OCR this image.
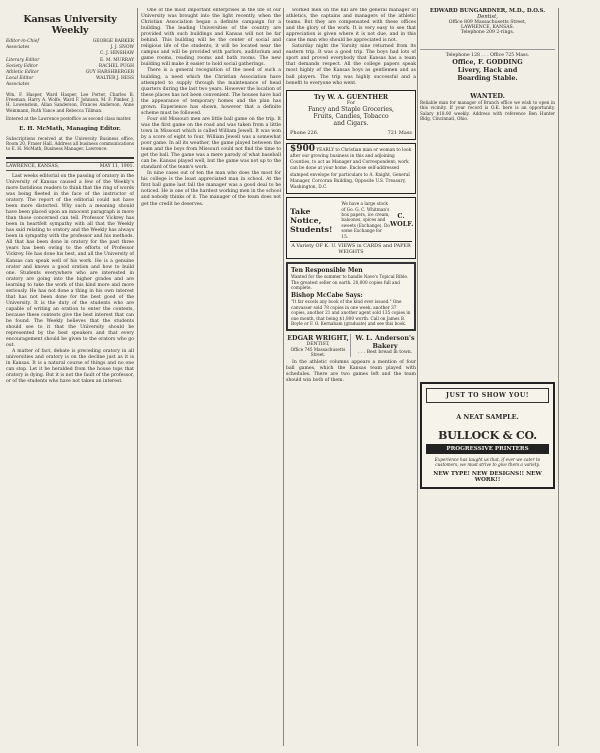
Kansas University Weekly
Editor-in-Chief	GEORGE BARKER
Associates	J. J. SNOW
C. J. HINSHAW
Literary Editor	E. M. MURRAY
Society Editor	RACHEL PUGH
Athletic Editor	GUY HARSHBERGER
Local Editor	WALTER J. HESS
Associates
Wm. F. Hasper, Ward Hasper, Lee Porter, Charles B. Freeman, Harry A. Wolfe, Ward F. Johnson, M. F. Pimber, J. H. Lowenstein, Allan Sanderson, Frances Anderson, Anne Weinmann, Ruth Vance and Rebecca Tillman.
Entered at the Lawrence postoffice as second class matter.
E. H. McMath, Managing Editor.
Subscriptions received at the University Business office, Room 20, Fraser Hall. Address all business communications to E. H. McMath, Business Manager, Lawrence.
LAWRENCE, KANSAS,	MAY 11, 1901.

Last weeks editorial on the passing of oratory in the University of Kansas caused a few of the Weekly's more fastidious readers to think that the ring of words was being fleeted in the face of the instructor of oratory. The report of the editorial could not have been more distorted. Why such a meaning should have been placed upon an innocent paragraph is more than those concerned can tell. Professor Vickrey has been in heartfelt sympathy with all that the Weekly has said relating to oratory and the Weekly has always been in sympathy with the professor and his methods. All that has been done in oratory for the past three years has been owing to the efforts of Professor Vickrey. He has done his best, and all the University of Kansas can speak well of his work. He is a genuine orator and knows a good oration and how to build one. Students everywhere who are interested in oratory are going into the higher grades and are learning to take the work of this kind more and more seriously. He has not done a thing in his own interest that has not been done for the best good of the University. It is the duty of the students who are capable of writing an oration to enter the contests, because these contests give the best interest that can be found. The Weekly believes that the students should see to it that the University should be represented by the best speakers and that every encouragement should be given to the orators who go out.

A matter of fact, debate is preceding oratory in all universities and oratory is on the decline just as it is in Kansas. It is a natural course of things and no one can stop. Let it be heralded from the house tops that oratory is dying. But it is not the fault of the professor, or of the students who have not taken an interest.

One of the most important enterprises in the life of our University was brought into the light recently, when the Christian Association began a definite campaign for a building. The leading Universities of the country are provided with such buildings and Kansas will not be far behind. This building will be the center of social and religious life of the students; it will be located near the campus and will be provided with parlors, auditorium and game rooms, reading rooms and bath rooms. The new building will make it easier to hold social gatherings.

There is a general recognition of the need of such a building, a need which the Christian Association have attempted to supply through the maintenance of head quarters during the last two years. However the location of these places has not been convenient. The houses have had the appearance of temporary homes and the plan has grown. Experience has shown, however that a definite scheme must be followed.

Four old Missouri men are little ball game on the trip. It was the first game on the road and was taken from a little town in Missouri which is called William Jewell. It was won by a score of eight to four. William Jewell was a somewhat poor game. In all its weather, the game played between the team and the boys from Missouri could not find the time to get the ball. The game was a mere parody of what baseball can be. Kansas played well, but the game was not up to the standard of the team's work.

In nine cases out of ten the man who does the most for his college is the least appreciated man in school. At the first ball game last fall the manager was a good deal to be noticed. He is one of the hardest working men in the school and nobody thinks of it. The manager of the team does not get the credit he deserves.

worked men on the hill are the general manager of athletics, the captains and managers of the athletic teams. But they are compensated with these offices and the glory of the work. It is very easy to see that appreciation is given where it is not due, and in this case the man who should be appreciated is not.

Saturday night the Varsity nine returned from its eastern trip. It was a good trip. The boys had lots of sport and proved everybody that Kansas has a team that demands respect. All the college papers speak most highly of the Kansas boys as gentlemen and as ball players. The trip was highly successful and a benefit to everyone who went.

Try W. A. GUENTHER
For
Fancy and Staple Groceries,
Fruits, Candies, Tobacco
and Cigars.
Phone 226.	721 Mass
$900 YEARLY to Christian man or woman to look after our growing business in this and adjoining Counties, to act as Manager and Correspondent; work can be done at your home. Enclose self-addressed stamped envelope for particulars to A. Knight, General Manager, Corcoran Building, Opposite U.S. Treasury, Washington, D.C.
Take Notice, Students!
We have a large stock of Go. G. C. Whitman's box papers, ice cream, baloonos, spices and sweets (Exchange). Do some Exchange for 15.
C. WOLF.
A Variety OF K. U. VIEWS in CARDS and PAPER WEIGHTS
Ten Responsible Men
Wanted for the summer to handle Nave's Topical Bible. The greatest seller on earth. 20,000 copies full and complete.
Bishop McCabe Says:
"It far excels any book of the kind ever issued." One canvasser sold 78 copies in one week, another 37 copies, another 21 and another agent sold 135 copies in one month, that being $1,800 worth. Call on James B. Boyle or F. O. Kernaham (graduate) and see this book.
EDGAR WRIGHT,
DENTIST,
Office 745 Massachusetts Street.
W. L. Anderson's
Bakery
. . . Best bread in town.

In the athletic columns appears a mention of four ball games, which the Kansas team played with schedules. There are two games left and the team should win both of them.

EDWARD BUNGARDNER, M.D., D.O.S.
Dentist,
Office 809 Massachusetts Street,
LAWRENCE, KANSAS.
Telephone 209 2-rings.
Telephone 128 . . . Office 725 Mass.
Office, F. GODDING
Livery, Hack and
Boarding Stable.
WANTED.
Reliable man for manager of Branch office we wish to open in this vicinity. If your record is O.K. here is an opportunity. Salary $18.00 weekly. Address with reference Ben Hunter Bldg, Cincinnati, Ohio.
JUST TO SHOW YOU!
A NEAT SAMPLE.
BULLOCK & CO.
PROGRESSIVE PRINTERS
Experience has taught us that, if ever we cater to customers, we must strive to give them a variety.
NEW TYPE! NEW DESIGNS!! NEW WORK!!
